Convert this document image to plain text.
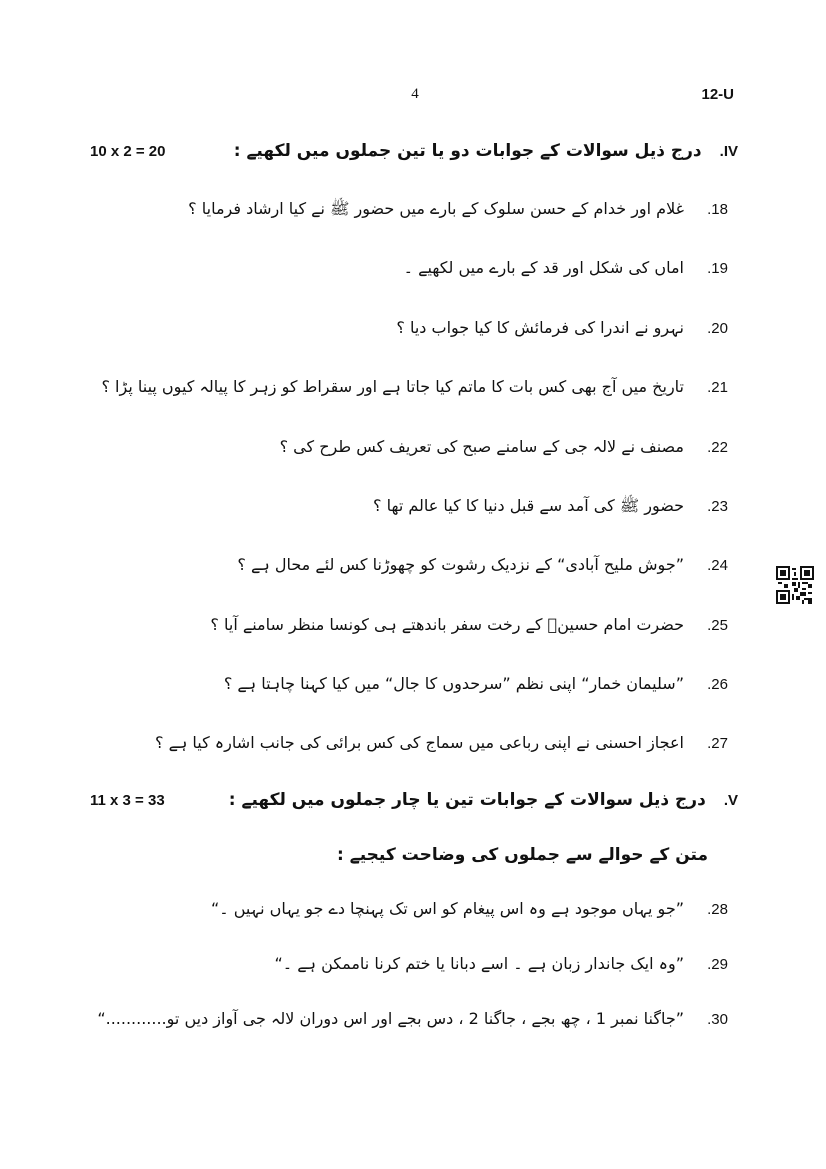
4	12-U
10 x 2 = 20	.IVدرج ذیل سوالات کے جوابات دو یا تین جملوں میں لکھیے :
.18غلام اور خدام کے حسن سلوک کے بارے میں حضور ﷺ نے کیا ارشاد فرمایا ؟
.19اماں کی شکل اور قد کے بارے میں لکھیے ۔
.20نہرو نے اندرا کی فرمائش کا کیا جواب دیا ؟
.21تاریخ میں آج بھی کس بات کا ماتم کیا جاتا ہے اور سقراط کو زہر کا پیالہ کیوں پینا پڑا ؟
.22مصنف نے لالہ جی کے سامنے صبح کی تعریف کس طرح کی ؟
.23حضور ﷺ کی آمد سے قبل دنیا کا کیا عالم تھا ؟
.24”جوش ملیح آبادی“ کے نزدیک رشوت کو چھوڑنا کس لئے محال ہے ؟
.25حضرت امام حسینؓ کے رخت سفر باندھتے ہی کونسا منظر سامنے آیا ؟
.26”سلیمان خمار“ اپنی نظم ”سرحدوں کا جال“ میں کیا کہنا چاہتا ہے ؟
.27اعجاز احسنی نے اپنی رباعی میں سماج کی کس برائی کی جانب اشارہ کیا ہے ؟
11 x 3 = 33	.Vدرج ذیل سوالات کے جوابات تین یا چار جملوں میں لکھیے :
متن کے حوالے سے جملوں کی وضاحت کیجیے :
.28”جو یہاں موجود ہے وہ اس پیغام کو اس تک پہنچا دے جو یہاں نہیں ۔“
.29”وہ ایک جاندار زبان ہے ۔ اسے دبانا یا ختم کرنا ناممکن ہے ۔“
.30”جاگنا نمبر 1 ، چھ بجے ، جاگنا 2 ، دس بجے اور اس دوران لالہ جی آواز دیں تو............“
